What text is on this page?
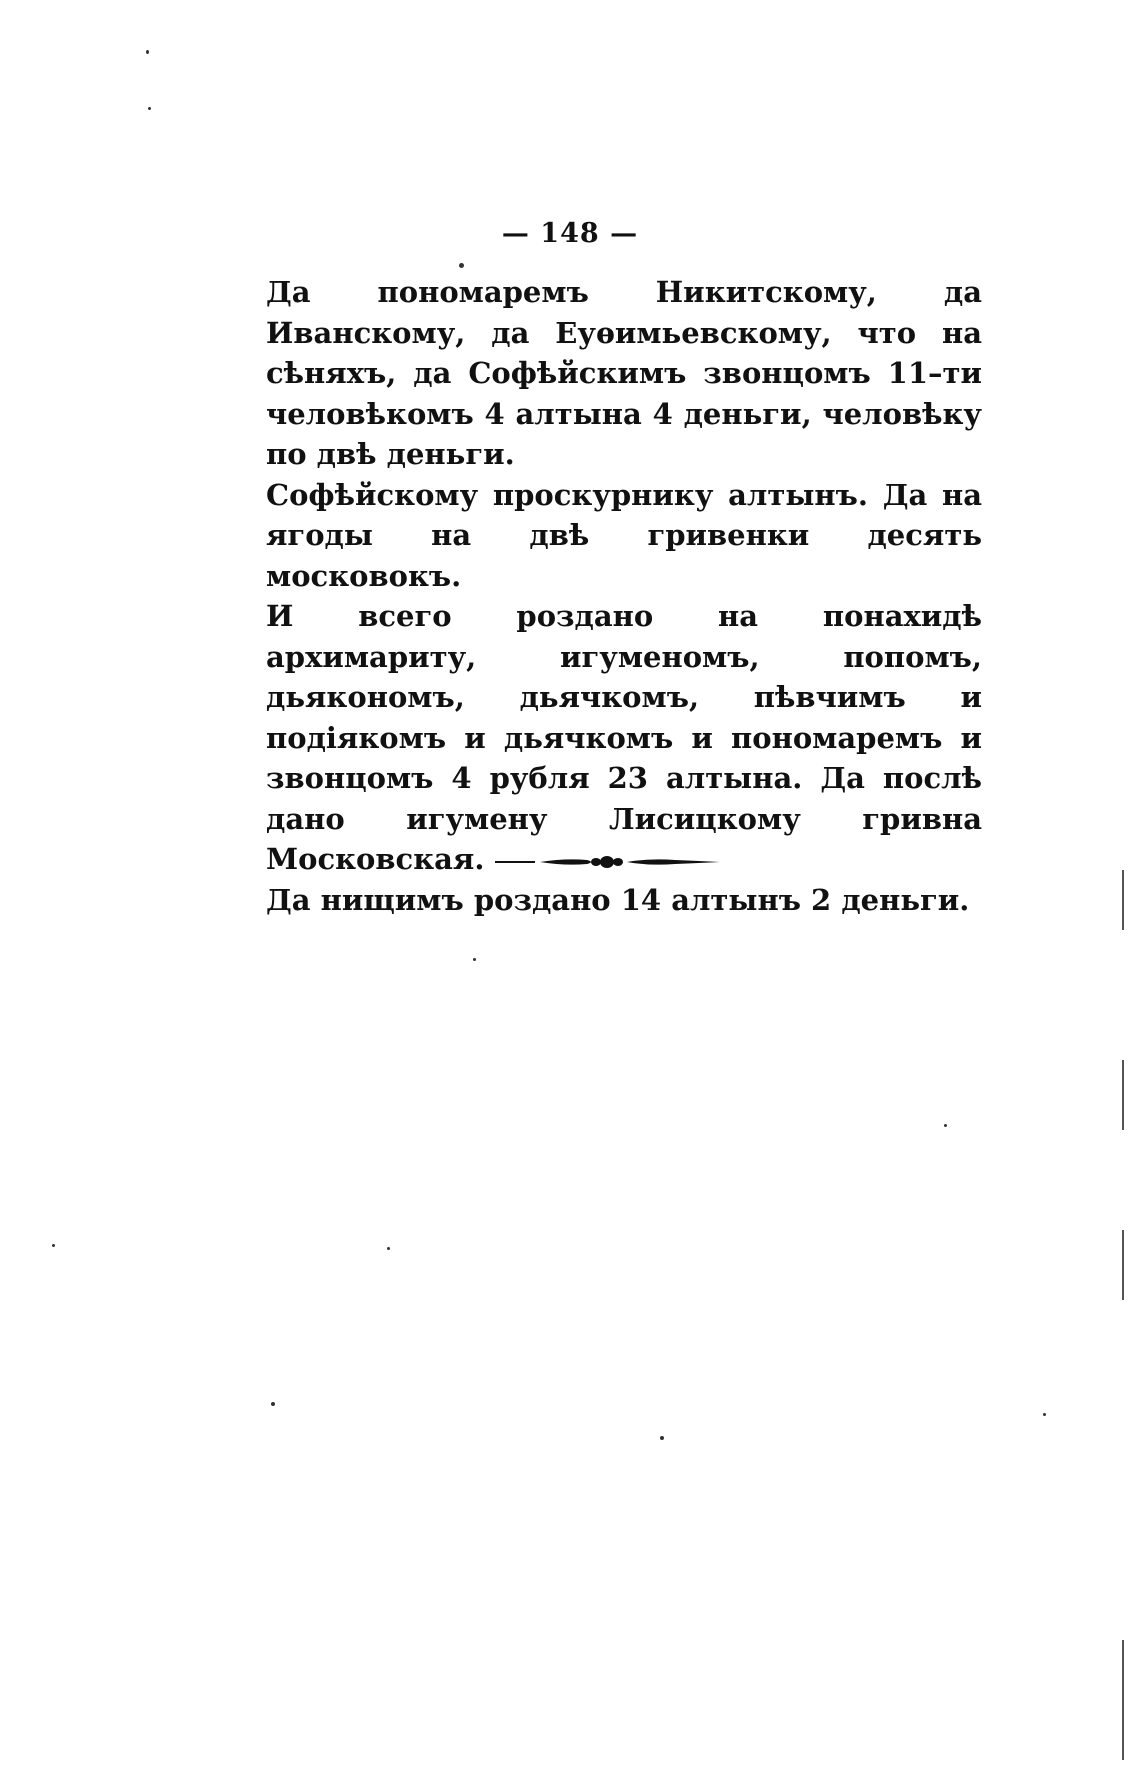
— 148 —

Да пономаремъ Никитскому, да Иванскому, да Еуѳимьевскому, что на сѣняхъ, да Софѣйскимъ звонцомъ 11–ти человѣкомъ 4 алтына 4 деньги, человѣку по двѣ деньги.

Софѣйскому проскурнику алтынъ. Да на ягоды на двѣ гривенки десять московокъ.

И всего роздано на понахидѣ архимариту, игуменомъ, попомъ, дьякономъ, дьячкомъ, пѣвчимъ и подіякомъ и дьячкомъ и пономаремъ и звонцомъ 4 рубля 23 алтына. Да послѣ дано игумену Лисицкому гривна Московская.

Да нищимъ роздано 14 алтынъ 2 деньги.
